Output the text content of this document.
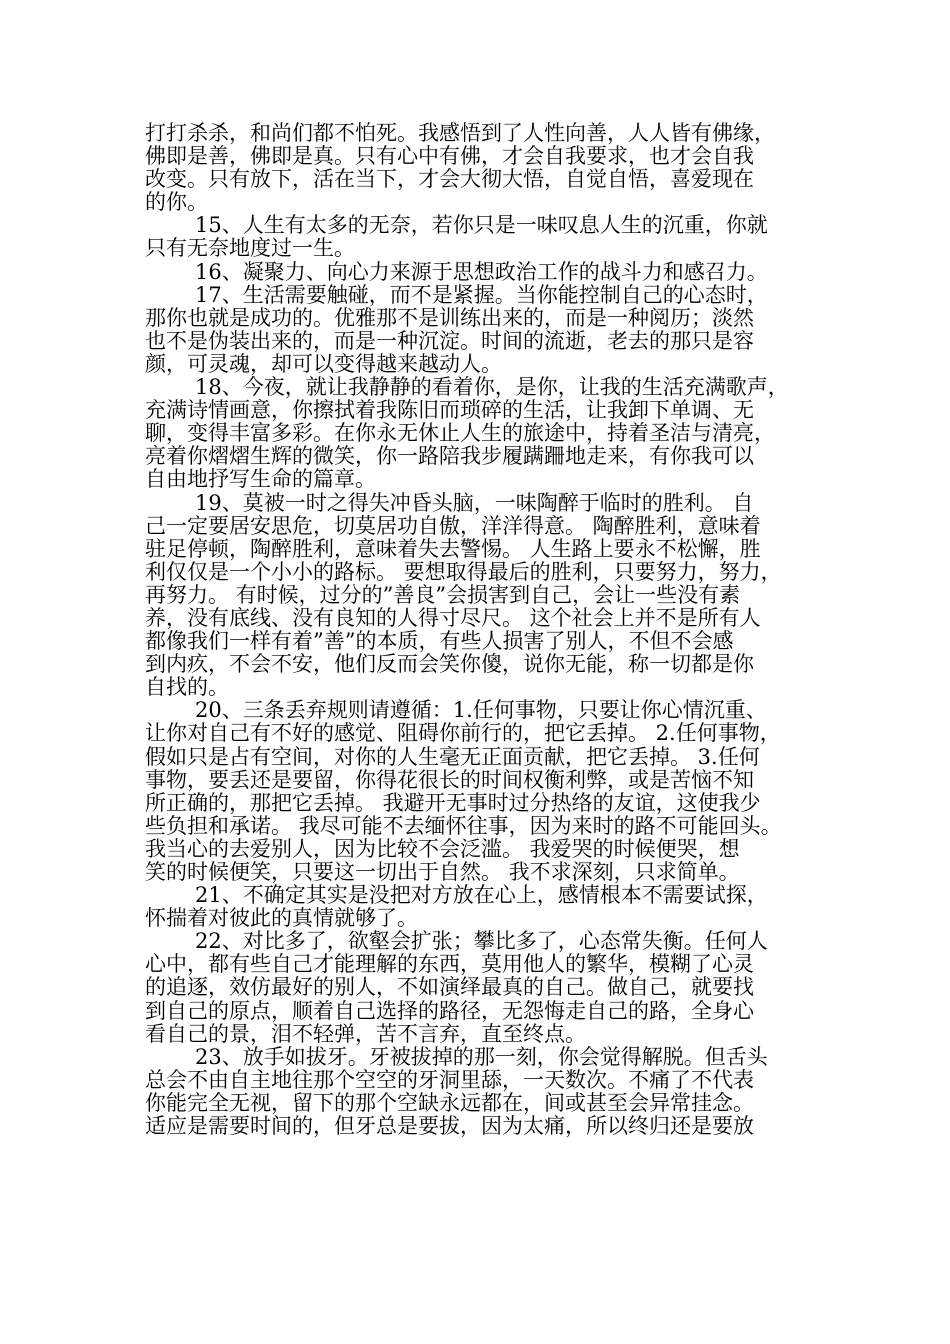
打打杀杀，和尚们都不怕死。我感悟到了人性向善，人人皆有佛缘，

佛即是善，佛即是真。只有心中有佛，才会自我要求，也才会自我

改变。只有放下，活在当下，才会大彻大悟，自觉自悟，喜爱现在

的你。

15、人生有太多的无奈，若你只是一味叹息人生的沉重，你就

只有无奈地度过一生。

16、凝聚力、向心力来源于思想政治工作的战斗力和感召力。

17、生活需要触碰，而不是紧握。当你能控制自己的心态时，

那你也就是成功的。优雅那不是训练出来的，而是一种阅历；淡然

也不是伪装出来的，而是一种沉淀。时间的流逝，老去的那只是容

颜，可灵魂，却可以变得越来越动人。

18、今夜，就让我静静的看着你，是你，让我的生活充满歌声，

充满诗情画意，你擦拭着我陈旧而琐碎的生活，让我卸下单调、无

聊，变得丰富多彩。在你永无休止人生的旅途中，持着圣洁与清亮，

亮着你熠熠生辉的微笑，你一路陪我步履蹒跚地走来，有你我可以

自由地抒写生命的篇章。

19、莫被一时之得失冲昏头脑，一味陶醉于临时的胜利。 自

己一定要居安思危，切莫居功自傲，洋洋得意。 陶醉胜利，意味着

驻足停顿，陶醉胜利，意味着失去警惕。 人生路上要永不松懈，胜

利仅仅是一个小小的路标。 要想取得最后的胜利，只要努力，努力，

再努力。 有时候，过分的”善良”会损害到自己，会让一些没有素

养，没有底线、没有良知的人得寸尽尺。 这个社会上并不是所有人

都像我们一样有着”善”的本质，有些人损害了别人，不但不会感

到内疚，不会不安，他们反而会笑你傻，说你无能，称一切都是你

自找的。

20、三条丢弃规则请遵循：1.任何事物，只要让你心情沉重、

让你对自己有不好的感觉、阻碍你前行的，把它丢掉。 2.任何事物，

假如只是占有空间，对你的人生毫无正面贡献，把它丢掉。 3.任何

事物，要丢还是要留，你得花很长的时间权衡利弊，或是苦恼不知

所正确的，那把它丢掉。 我避开无事时过分热络的友谊，这使我少

些负担和承诺。 我尽可能不去缅怀往事，因为来时的路不可能回头。

我当心的去爱别人，因为比较不会泛滥。 我爱哭的时候便哭，想

笑的时候便笑，只要这一切出于自然。 我不求深刻，只求简单。

21、不确定其实是没把对方放在心上，感情根本不需要试探，

怀揣着对彼此的真情就够了。

22、对比多了，欲壑会扩张；攀比多了，心态常失衡。任何人

心中，都有些自己才能理解的东西，莫用他人的繁华，模糊了心灵

的追逐，效仿最好的别人，不如演绎最真的自己。做自己，就要找

到自己的原点，顺着自己选择的路径，无怨悔走自己的路，全身心

看自己的景，泪不轻弹，苦不言弃，直至终点。

23、放手如拔牙。牙被拔掉的那一刻，你会觉得解脱。但舌头

总会不由自主地往那个空空的牙洞里舔，一天数次。不痛了不代表

你能完全无视，留下的那个空缺永远都在，间或甚至会异常挂念。

适应是需要时间的，但牙总是要拔，因为太痛，所以终归还是要放
